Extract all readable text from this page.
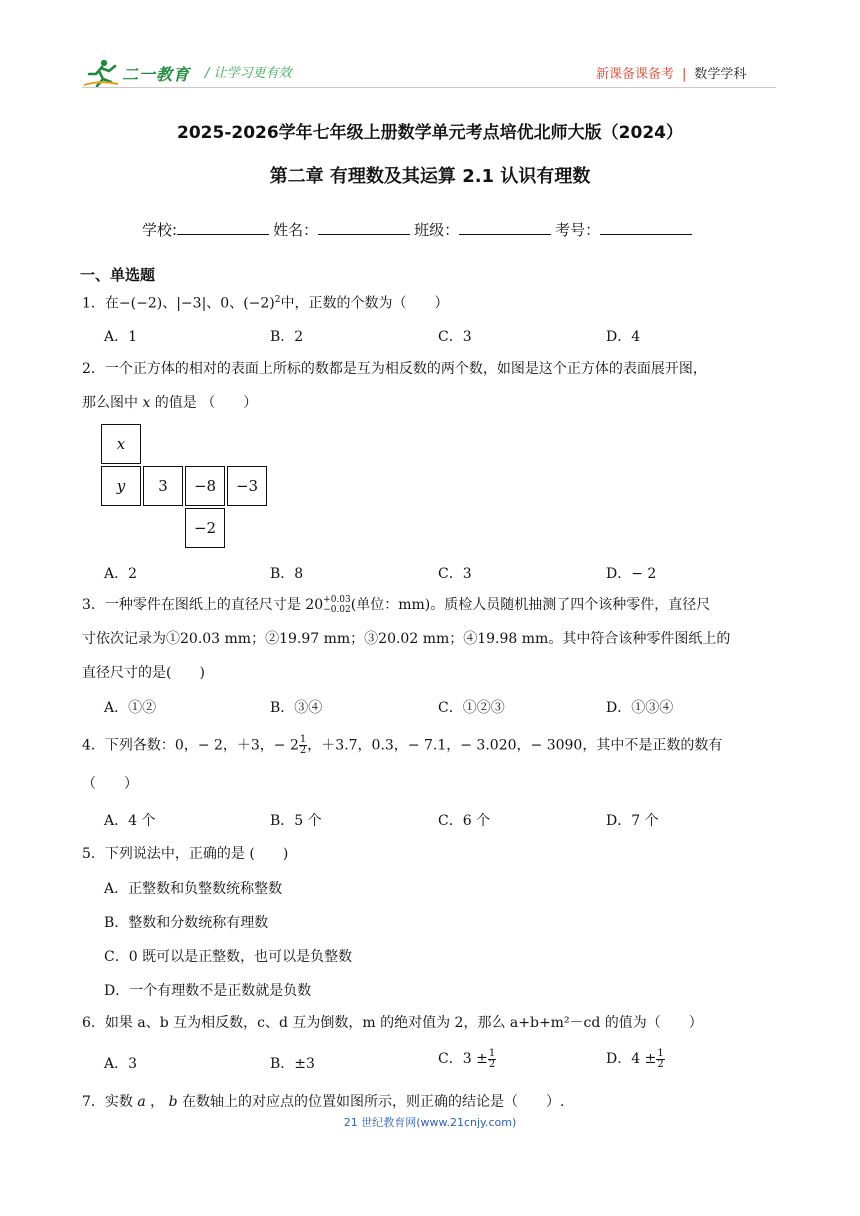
二一教育 / 让学习更有效	新课备课备考 | 数学学科
2025-2026学年七年级上册数学单元考点培优北师大版（2024）
第二章 有理数及其运算 2.1 认识有理数
学校:	姓名：	班级：	考号：
一、单选题
1．在−(−2)、|−3|、0、$(-2)^2$中，正数的个数为（　　）
A．1	B．2	C．3	D．4
2．一个正方体的相对的表面上所标的数都是互为相反数的两个数，如图是这个正方体的表面展开图，
那么图中 x 的值是 （　　）
x
y	3	−8	−3
−2
A．2	B．8	C．3	D．− 2
3．一种零件在图纸上的直径尺寸是 20 +0.03
−0.02 (单位：mm)。质检人员随机抽测了四个该种零件，直径尺
寸依次记录为①20.03 mm；②19.97 mm；③20.02 mm；④19.98 mm。其中符合该种零件图纸上的
直径尺寸的是(　　)
A．①②	B．③④	C．①②③	D．①③④
4．下列各数：0，− 2，＋3，− $2 \frac{1}{2}$ ，＋3.7，0.3，− 7.1，− 3.020，− 3090，其中不是正数的数有
（　　）
A．4 个	B．5 个	C．6 个	D．7 个
5．下列说法中，正确的是 (　　)
A．正整数和负整数统称整数
B．整数和分数统称有理数
C．0 既可以是正整数，也可以是负整数
D．一个有理数不是正数就是负数
6．如果 a、b 互为相反数，c、d 互为倒数，m 的绝对值为 2，那么 a+b+m²－cd 的值为（　　）
A．3	B．±3	C．$3 \pm \frac{1}{2}$	D．$4 \pm \frac{1}{2}$
7．实数 a ， b 在数轴上的对应点的位置如图所示，则正确的结论是（　　）.
21 世纪教育网(www.21cnjy.com)
